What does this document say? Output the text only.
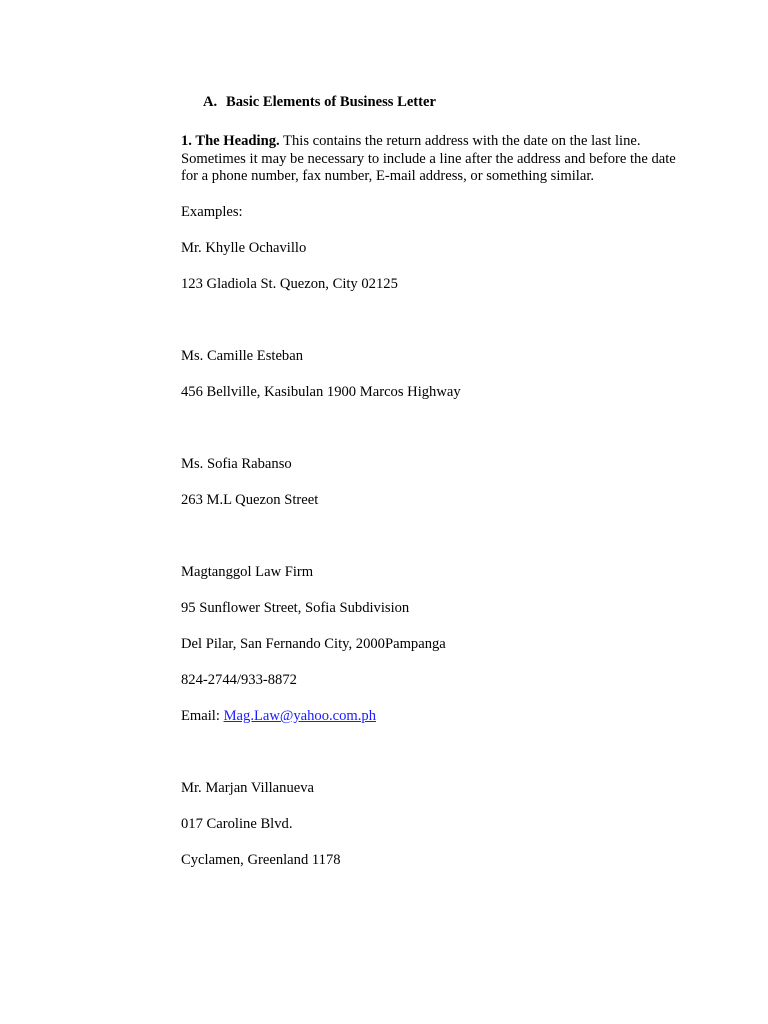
A. Basic Elements of Business Letter
1. The Heading. This contains the return address with the date on the last line. Sometimes it may be necessary to include a line after the address and before the date for a phone number, fax number, E-mail address, or something similar.
Examples:
Mr. Khylle Ochavillo
123 Gladiola St. Quezon, City 02125
Ms. Camille Esteban
456 Bellville, Kasibulan 1900 Marcos Highway
Ms. Sofia Rabanso
263 M.L Quezon Street
Magtanggol Law Firm
95 Sunflower Street, Sofia Subdivision
Del Pilar, San Fernando City, 2000Pampanga
824-2744/933-8872
Email: Mag.Law@yahoo.com.ph
Mr. Marjan Villanueva
017 Caroline Blvd.
Cyclamen, Greenland 1178
